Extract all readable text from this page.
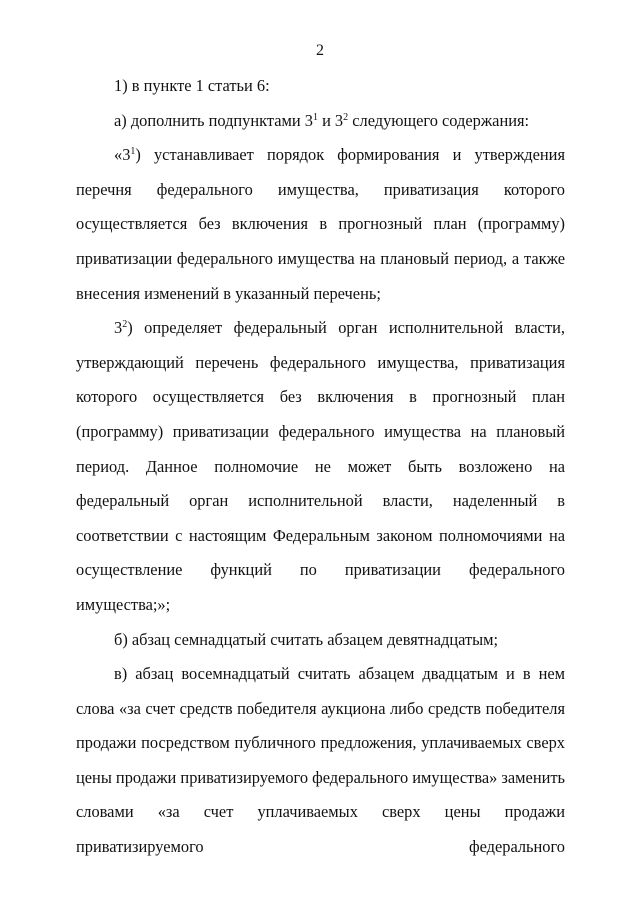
2

1) в пункте 1 статьи 6:

а) дополнить подпунктами $3^1$ и $3^2$ следующего содержания:

«$3^1$) устанавливает порядок формирования и утверждения перечня федерального имущества, приватизация которого осуществляется без включения в прогнозный план (программу) приватизации федерального имущества на плановый период, а также внесения изменений в указанный перечень;

$3^2$) определяет федеральный орган исполнительной власти, утверждающий перечень федерального имущества, приватизация которого осуществляется без включения в прогнозный план (программу) приватизации федерального имущества на плановый период. Данное полномочие не может быть возложено на федеральный орган исполнительной власти, наделенный в соответствии с настоящим Федеральным законом полномочиями на осуществление функций по приватизации федерального имущества;»;

б) абзац семнадцатый считать абзацем девятнадцатым;

в) абзац восемнадцатый считать абзацем двадцатым и в нем слова «за счет средств победителя аукциона либо средств победителя продажи посредством публичного предложения, уплачиваемых сверх цены продажи приватизируемого федерального имущества» заменить словами «за счет уплачиваемых сверх цены продажи приватизируемого федерального
